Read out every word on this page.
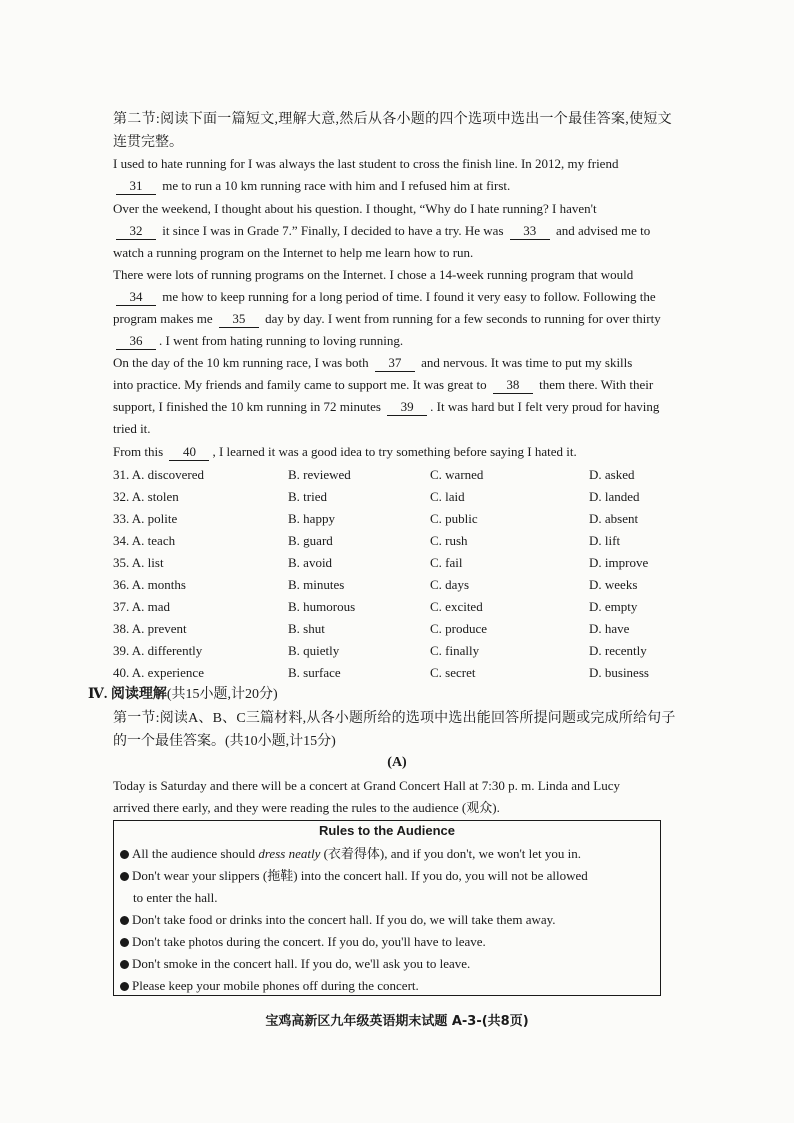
第二节:阅读下面一篇短文,理解大意,然后从各小题的四个选项中选出一个最佳答案,使短文
连贯完整。
I used to hate running for I was always the last student to cross the finish line. In 2012, my friend
31 me to run a 10 km running race with him and I refused him at first.
Over the weekend, I thought about his question. I thought, “Why do I hate running? I haven't
32 it since I was in Grade 7.” Finally, I decided to have a try. He was 33 and advised me to
watch a running program on the Internet to help me learn how to run.
There were lots of running programs on the Internet. I chose a 14-week running program that would
34 me how to keep running for a long period of time. I found it very easy to follow. Following the
program makes me 35 day by day. I went from running for a few seconds to running for over thirty
36 . I went from hating running to loving running.
On the day of the 10 km running race, I was both 37 and nervous. It was time to put my skills
into practice. My friends and family came to support me. It was great to 38 them there. With their
support, I finished the 10 km running in 72 minutes 39 . It was hard but I felt very proud for having
tried it.
From this 40 , I learned it was a good idea to try something before saying I hated it.
31. A. discovered	B. reviewed	C. warned	D. asked
32. A. stolen	B. tried	C. laid	D. landed
33. A. polite	B. happy	C. public	D. absent
34. A. teach	B. guard	C. rush	D. lift
35. A. list	B. avoid	C. fail	D. improve
36. A. months	B. minutes	C. days	D. weeks
37. A. mad	B. humorous	C. excited	D. empty
38. A. prevent	B. shut	C. produce	D. have
39. A. differently	B. quietly	C. finally	D. recently
40. A. experience	B. surface	C. secret	D. business
Ⅳ. 阅读理解(共15小题,计20分)
第一节:阅读A、B、C三篇材料,从各小题所给的选项中选出能回答所提问题或完成所给句子
的一个最佳答案。(共10小题,计15分)
(A)
Today is Saturday and there will be a concert at Grand Concert Hall at 7:30 p. m. Linda and Lucy
arrived there early, and they were reading the rules to the audience (观众).
Rules to the Audience
All the audience should dress neatly (衣着得体), and if you don't, we won't let you in.
Don't wear your slippers (拖鞋) into the concert hall. If you do, you will not be allowed
to enter the hall.
Don't take food or drinks into the concert hall. If you do, we will take them away.
Don't take photos during the concert. If you do, you'll have to leave.
Don't smoke in the concert hall. If you do, we'll ask you to leave.
Please keep your mobile phones off during the concert.
宝鸡高新区九年级英语期末试题 A-3-(共8页)
